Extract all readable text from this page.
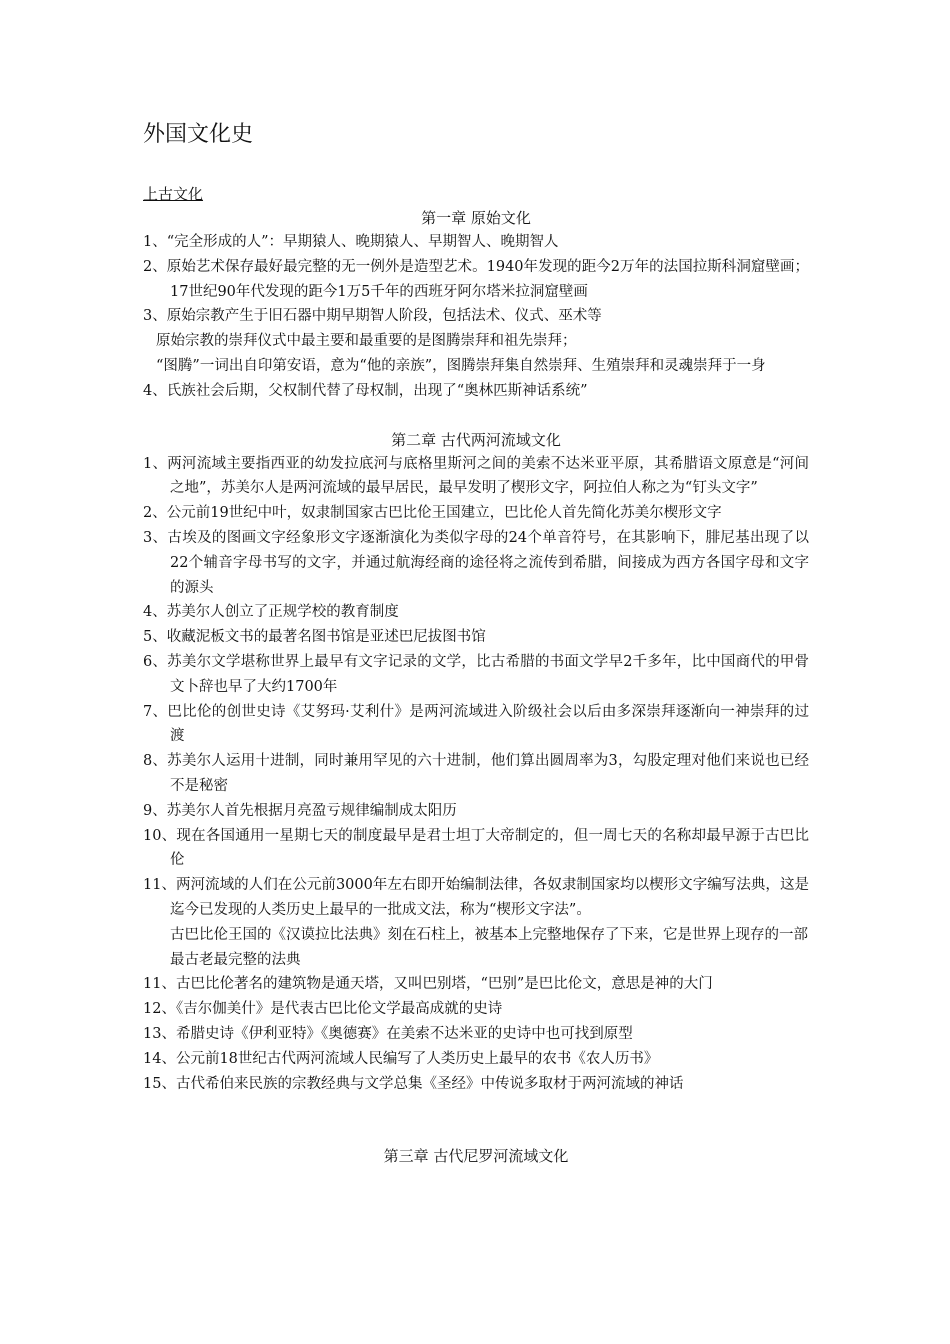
外国文化史

上古文化

第一章 原始文化

1、“完全形成的人”：早期猿人、晚期猿人、早期智人、晚期智人

2、原始艺术保存最好最完整的无一例外是造型艺术。1940年发现的距今2万年的法国拉斯科洞窟壁画；17世纪90年代发现的距今1万5千年的西班牙阿尔塔米拉洞窟壁画

3、原始宗教产生于旧石器中期早期智人阶段，包括法术、仪式、巫术等

原始宗教的崇拜仪式中最主要和最重要的是图腾崇拜和祖先崇拜；

“图腾”一词出自印第安语，意为“他的亲族”，图腾崇拜集自然崇拜、生殖崇拜和灵魂崇拜于一身

4、氏族社会后期，父权制代替了母权制，出现了“奥林匹斯神话系统”

第二章 古代两河流域文化

1、两河流域主要指西亚的幼发拉底河与底格里斯河之间的美索不达米亚平原，其希腊语文原意是“河间之地”，苏美尔人是两河流域的最早居民，最早发明了楔形文字，阿拉伯人称之为“钉头文字”

2、公元前19世纪中叶，奴隶制国家古巴比伦王国建立，巴比伦人首先简化苏美尔楔形文字

3、古埃及的图画文字经象形文字逐渐演化为类似字母的24个单音符号，在其影响下，腓尼基出现了以22个辅音字母书写的文字，并通过航海经商的途径将之流传到希腊，间接成为西方各国字母和文字的源头

4、苏美尔人创立了正规学校的教育制度

5、收藏泥板文书的最著名图书馆是亚述巴尼拔图书馆

6、苏美尔文学堪称世界上最早有文字记录的文学，比古希腊的书面文学早2千多年，比中国商代的甲骨文卜辞也早了大约1700年

7、巴比伦的创世史诗《艾努玛·艾利什》是两河流域进入阶级社会以后由多深崇拜逐渐向一神崇拜的过渡

8、苏美尔人运用十进制，同时兼用罕见的六十进制，他们算出圆周率为3，勾股定理对他们来说也已经不是秘密

9、苏美尔人首先根据月亮盈亏规律编制成太阳历

10、现在各国通用一星期七天的制度最早是君士坦丁大帝制定的，但一周七天的名称却最早源于古巴比伦

11、两河流域的人们在公元前3000年左右即开始编制法律，各奴隶制国家均以楔形文字编写法典，这是迄今已发现的人类历史上最早的一批成文法，称为“楔形文字法”。

古巴比伦王国的《汉谟拉比法典》刻在石柱上，被基本上完整地保存了下来，它是世界上现存的一部最古老最完整的法典

11、古巴比伦著名的建筑物是通天塔，又叫巴别塔，“巴别”是巴比伦文，意思是神的大门

12、《吉尔伽美什》是代表古巴比伦文学最高成就的史诗

13、希腊史诗《伊利亚特》《奥德赛》在美索不达米亚的史诗中也可找到原型

14、公元前18世纪古代两河流域人民编写了人类历史上最早的农书《农人历书》

15、古代希伯来民族的宗教经典与文学总集《圣经》中传说多取材于两河流域的神话

第三章 古代尼罗河流域文化
